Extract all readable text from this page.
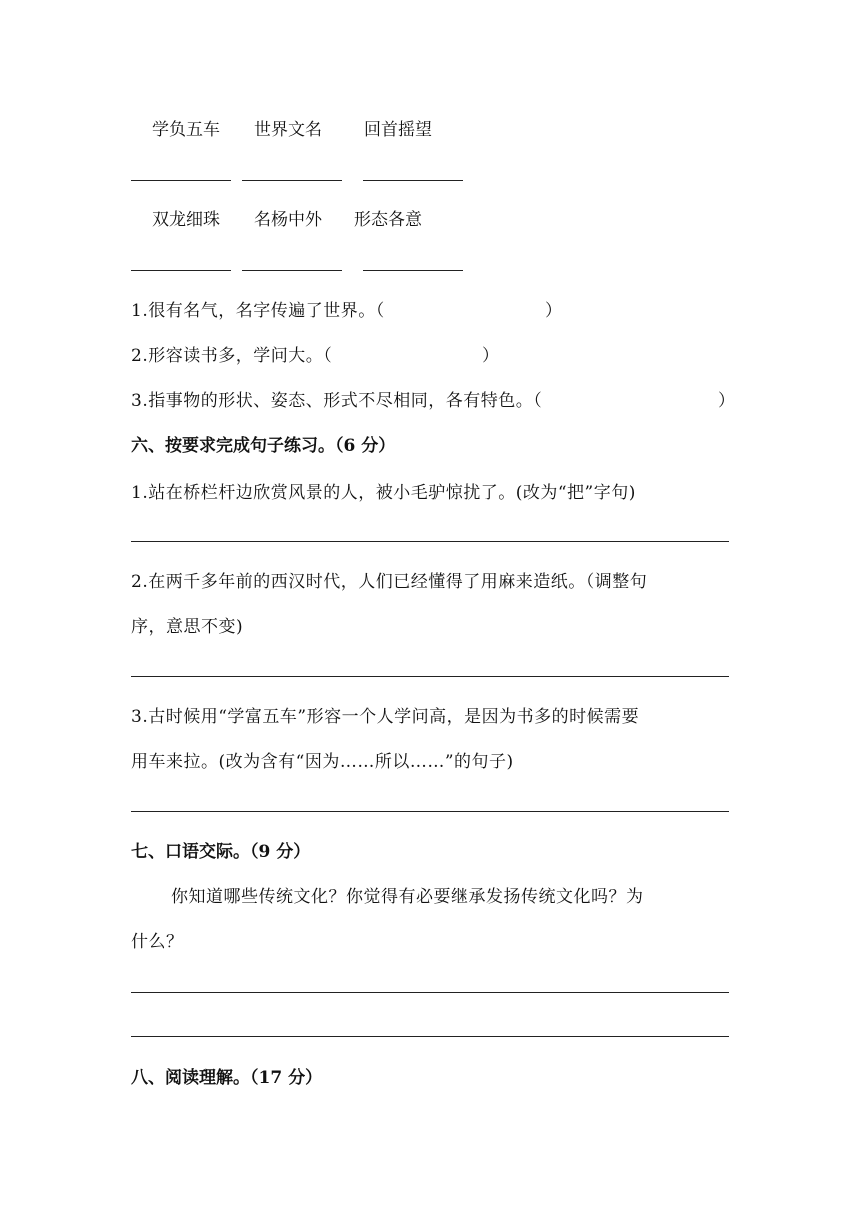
学负五车 世界文名 回首摇望
双龙细珠 名杨中外 形态各意
1.很有名气，名字传遍了世界。（	）
2.形容读书多，学问大。（	）
3.指事物的形状、姿态、形式不尽相同，各有特色。（	）
六、按要求完成句子练习。（6 分）
1.站在桥栏杆边欣赏风景的人，被小毛驴惊扰了。(改为“把”字句)
2.在两千多年前的西汉时代，人们已经懂得了用麻来造纸。（调整句
序，意思不变)
3.古时候用“学富五车”形容一个人学问高，是因为书多的时候需要
用车来拉。(改为含有“因为……所以……”的句子)
七、口语交际。（9 分）
你知道哪些传统文化？你觉得有必要继承发扬传统文化吗？为
什么？
八、阅读理解。（17 分）
